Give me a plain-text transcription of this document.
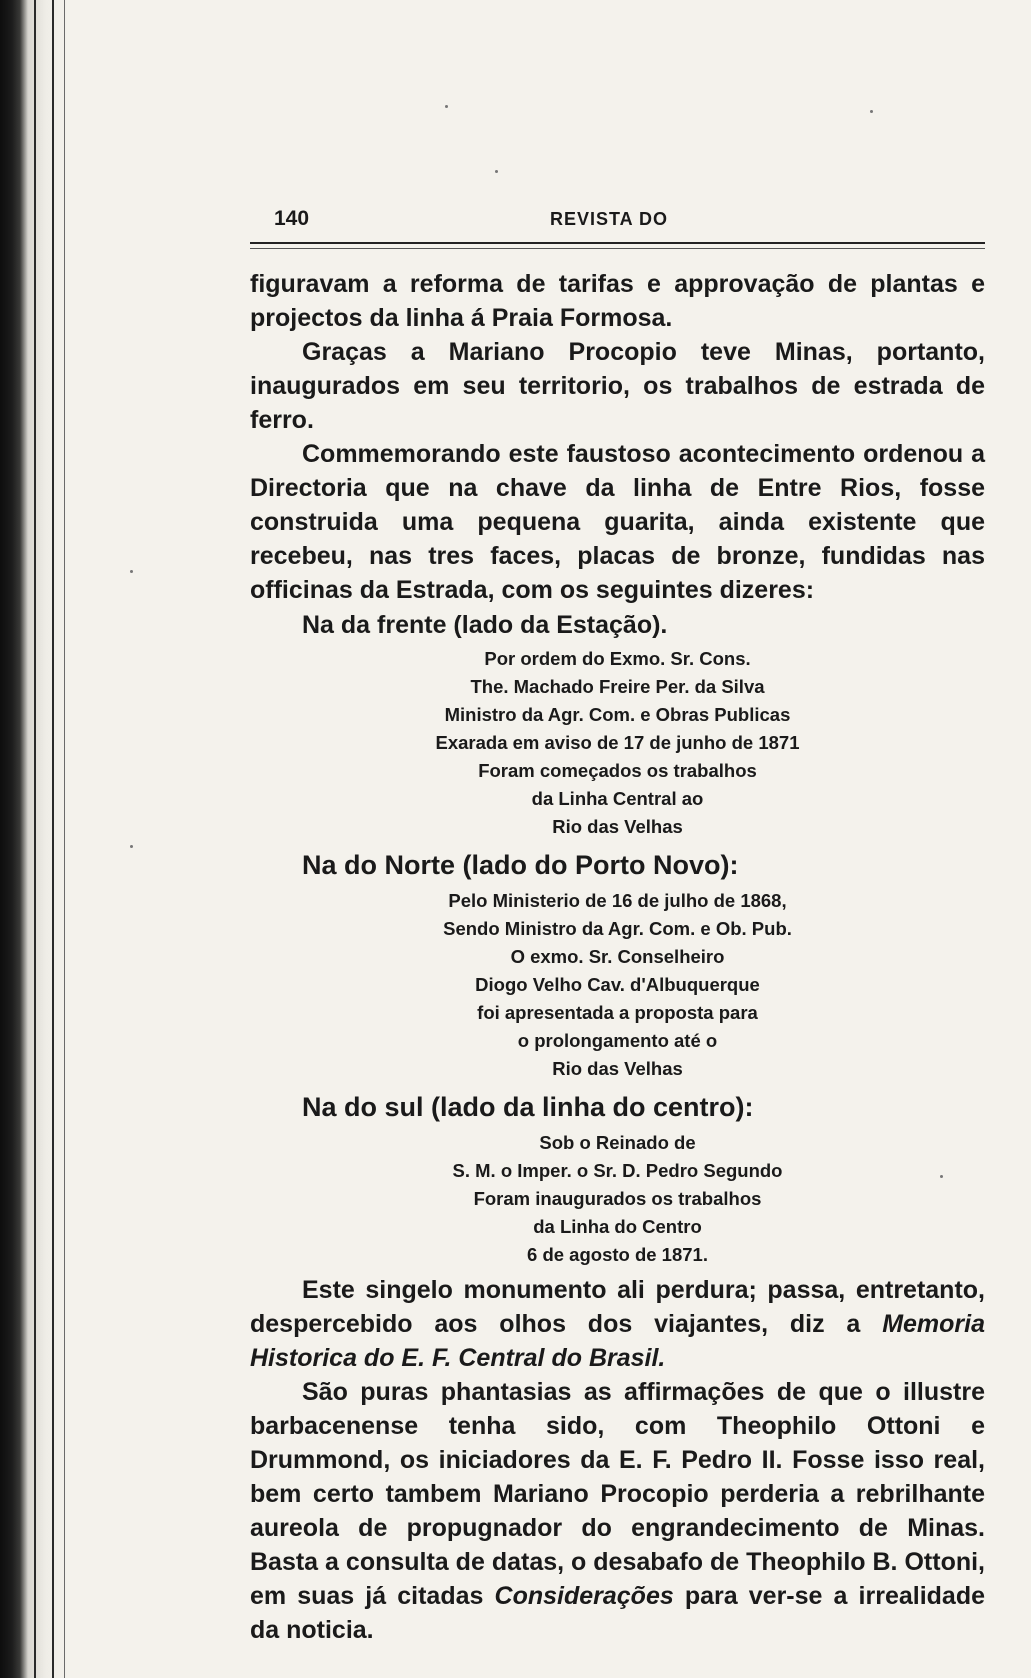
140	REVISTA DO

figuravam a reforma de tarifas e approvação de plantas e projectos da linha á Praia Formosa.

Graças a Mariano Procopio teve Minas, portanto, inaugurados em seu territorio, os trabalhos de estrada de ferro.

Commemorando este faustoso acontecimento ordenou a Directoria que na chave da linha de Entre Rios, fosse construida uma pequena guarita, ainda existente que recebeu, nas tres faces, placas de bronze, fundidas nas officinas da Estrada, com os seguintes dizeres:

Na da frente (lado da Estação).

Por ordem do Exmo. Sr. Cons.
The. Machado Freire Per. da Silva
Ministro da Agr. Com. e Obras Publicas
Exarada em aviso de 17 de junho de 1871
Foram começados os trabalhos
da Linha Central ao
Rio das Velhas

Na do Norte (lado do Porto Novo):

Pelo Ministerio de 16 de julho de 1868,
Sendo Ministro da Agr. Com. e Ob. Pub.
O exmo. Sr. Conselheiro
Diogo Velho Cav. d'Albuquerque
foi apresentada a proposta para
o prolongamento até o
Rio das Velhas

Na do sul (lado da linha do centro):

Sob o Reinado de
S. M. o Imper. o Sr. D. Pedro Segundo
Foram inaugurados os trabalhos
da Linha do Centro
6 de agosto de 1871.

Este singelo monumento ali perdura; passa, entretanto, despercebido aos olhos dos viajantes, diz a Memoria Historica do E. F. Central do Brasil.

São puras phantasias as affirmações de que o illustre barbacenense tenha sido, com Theophilo Ottoni e Drummond, os iniciadores da E. F. Pedro II. Fosse isso real, bem certo tambem Mariano Procopio perderia a rebrilhante aureola de propugnador do engrandecimento de Minas. Basta a consulta de datas, o desabafo de Theophilo B. Ottoni, em suas já citadas Considerações para ver-se a irrealidade da noticia.
